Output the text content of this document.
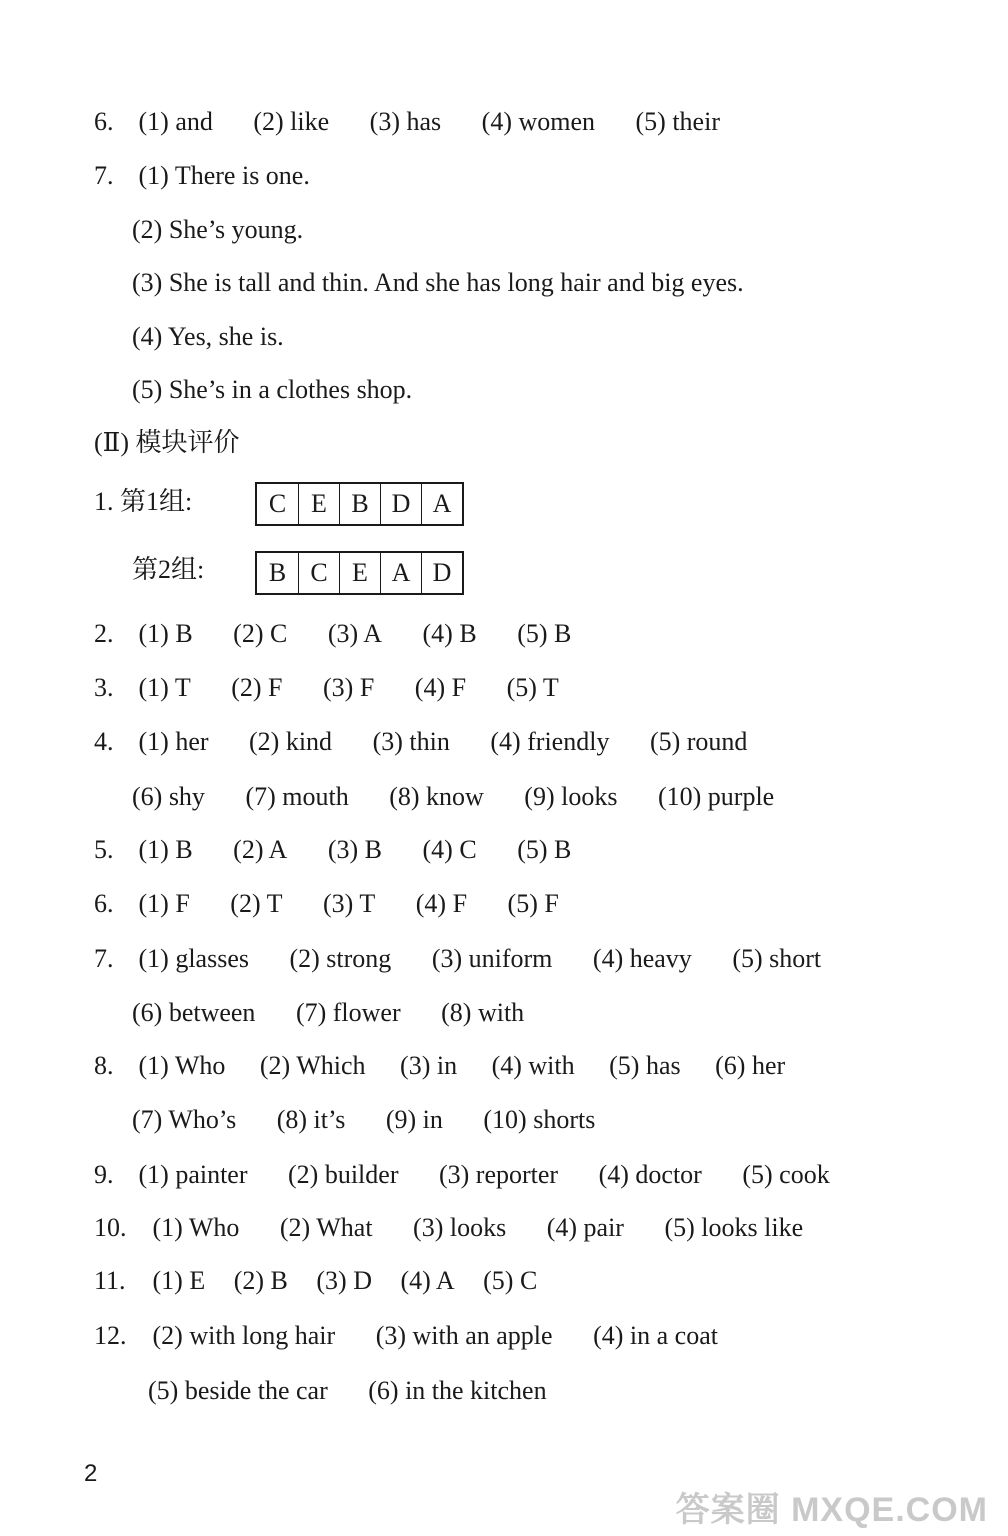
6. (1) and (2) like (3) has (4) women (5) their
7. (1) There is one.
(2) She’s young.
(3) She is tall and thin. And she has long hair and big eyes.
(4) Yes, she is.
(5) She’s in a clothes shop.
(Ⅱ) 模块评价
1. 第1组:	C E B D A
第2组:	B C E A D
2. (1) B (2) C (3) A (4) B (5) B
3. (1) T (2) F (3) F (4) F (5) T
4. (1) her (2) kind (3) thin (4) friendly (5) round
(6) shy (7) mouth (8) know (9) looks (10) purple
5. (1) B (2) A (3) B (4) C (5) B
6. (1) F (2) T (3) T (4) F (5) F
7. (1) glasses (2) strong (3) uniform (4) heavy (5) short
(6) between (7) flower (8) with
8. (1) Who (2) Which (3) in (4) with (5) has (6) her
(7) Who’s (8) it’s (9) in (10) shorts
9. (1) painter (2) builder (3) reporter (4) doctor (5) cook
10. (1) Who (2) What (3) looks (4) pair (5) looks like
11. (1) E (2) B (3) D (4) A (5) C
12. (2) with long hair (3) with an apple (4) in a coat
(5) beside the car (6) in the kitchen
2
答案圈 MXQE.COM
